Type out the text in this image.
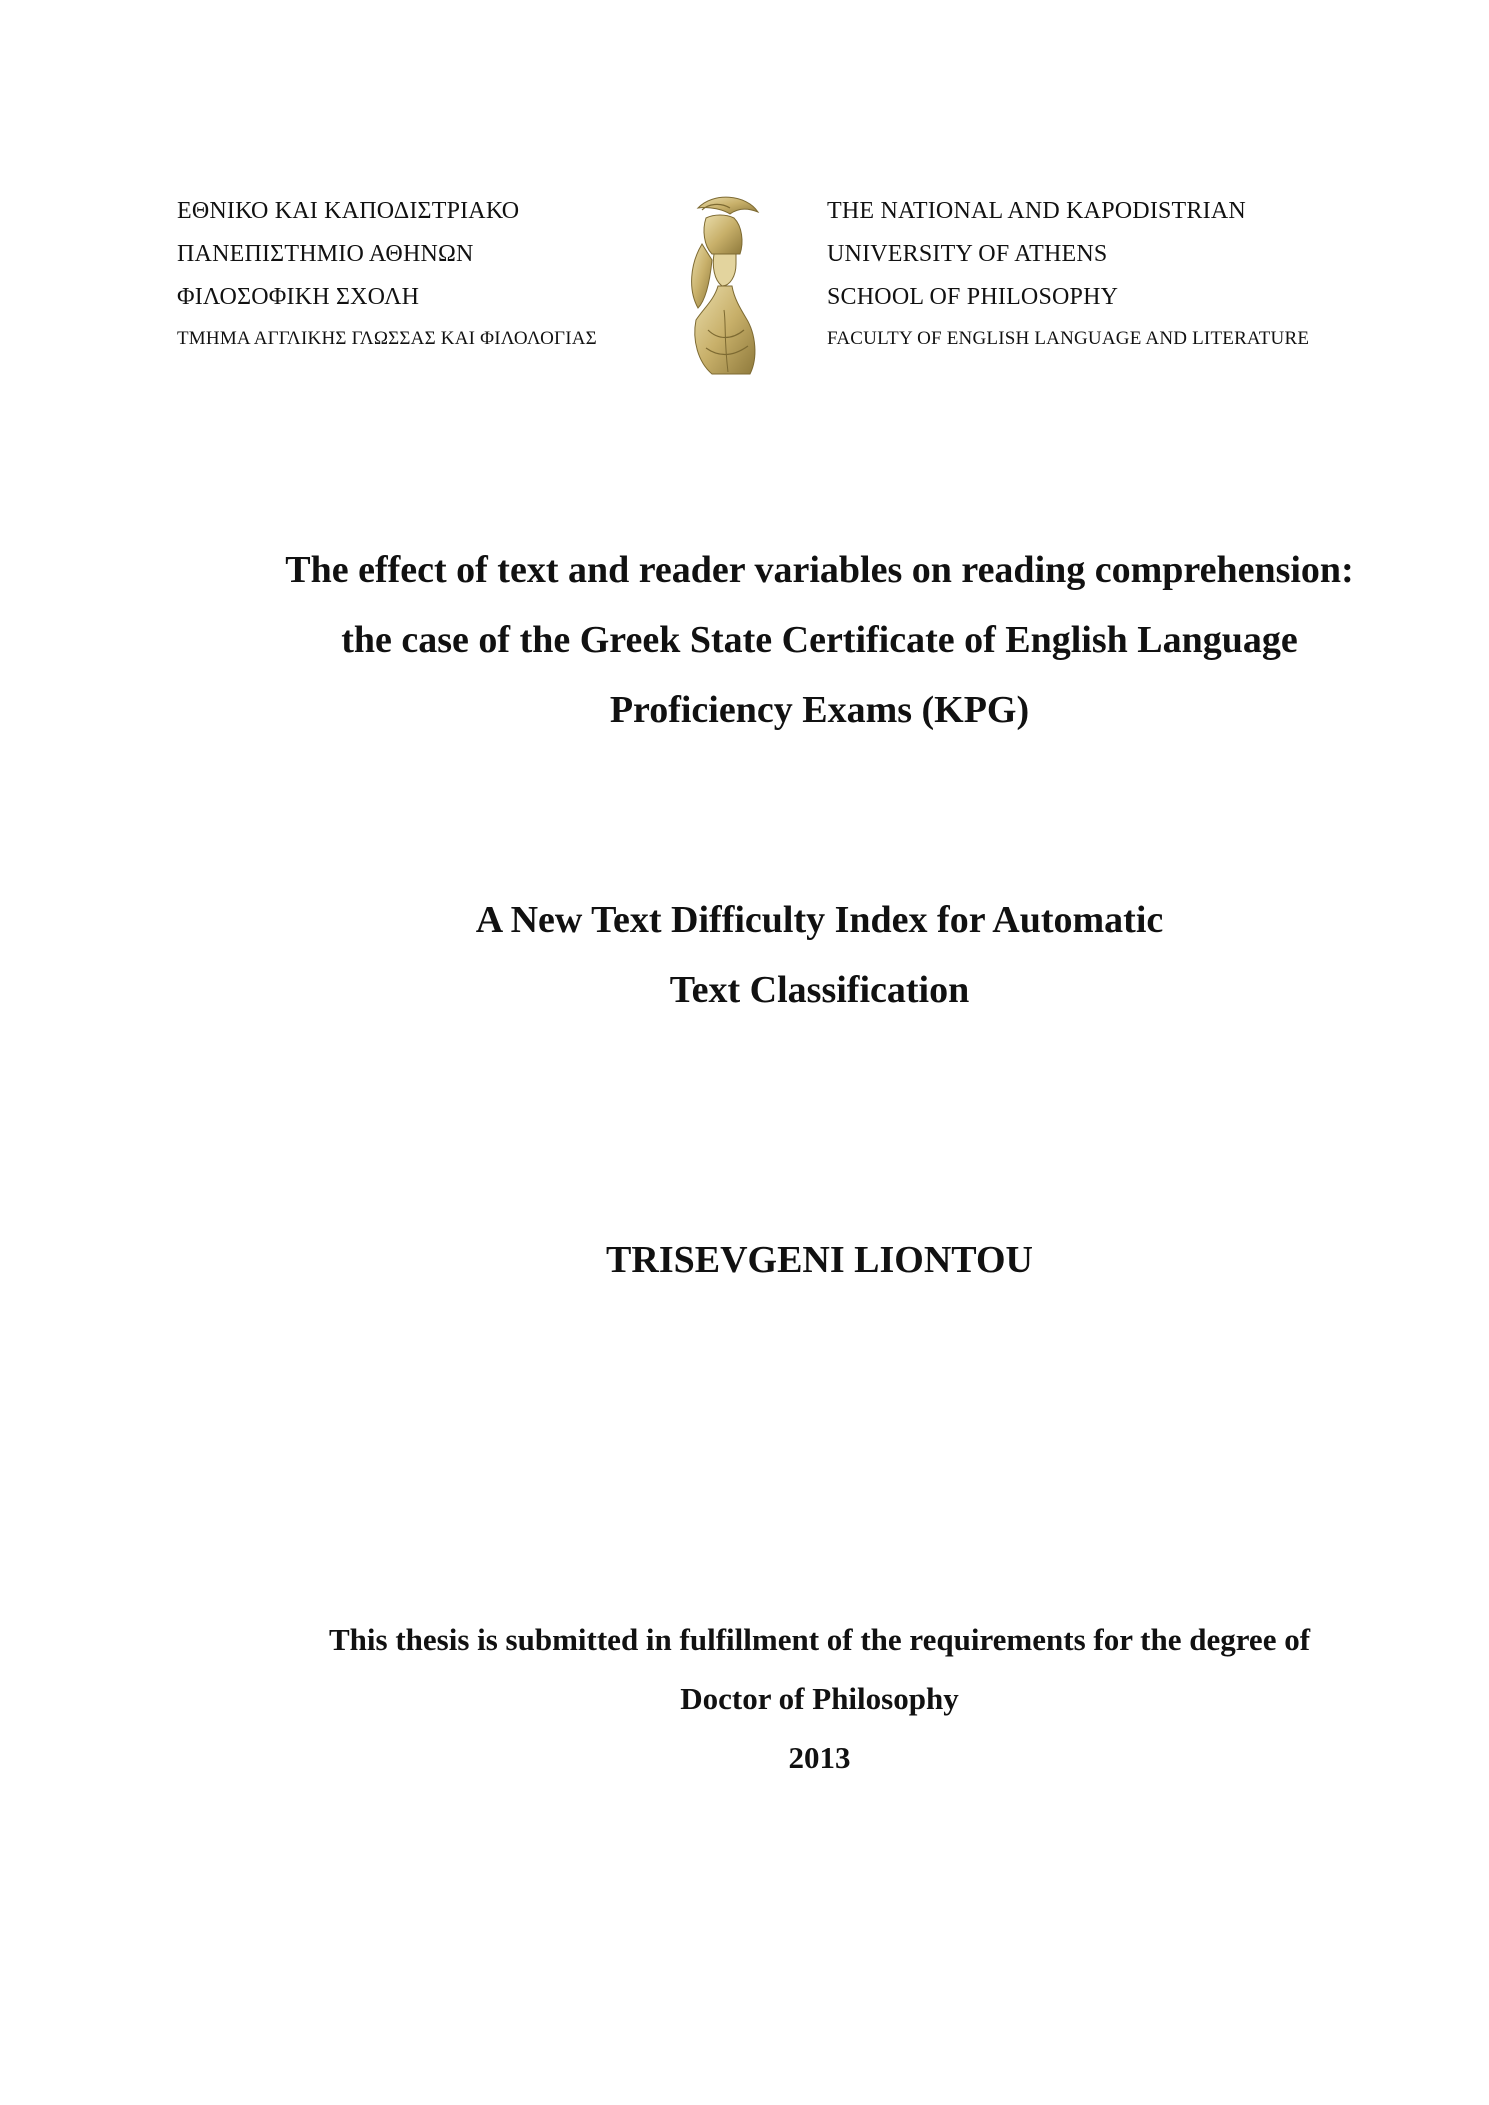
ΕΘΝΙΚΟ ΚΑΙ ΚΑΠΟΔΙΣΤΡΙΑΚΟ
ΠΑΝΕΠΙΣΤΗΜΙΟ ΑΘΗΝΩΝ
ΦΙΛΟΣΟΦΙΚΗ ΣΧΟΛΗ
ΤΜΗΜΑ ΑΓΓΛΙΚΗΣ ΓΛΩΣΣΑΣ ΚΑΙ ΦΙΛΟΛΟΓΙΑΣ
THE NATIONAL AND KAPODISTRIAN
UNIVERSITY OF ATHENS
SCHOOL OF PHILOSOPHY
FACULTY OF ENGLISH LANGUAGE AND LITERATURE
The effect of text and reader variables on reading comprehension:
the case of the Greek State Certificate of English Language
Proficiency Exams (KPG)
A New Text Difficulty Index for Automatic
Text Classification
TRISEVGENI LIONTOU
This thesis is submitted in fulfillment of the requirements for the degree of
Doctor of Philosophy
2013
